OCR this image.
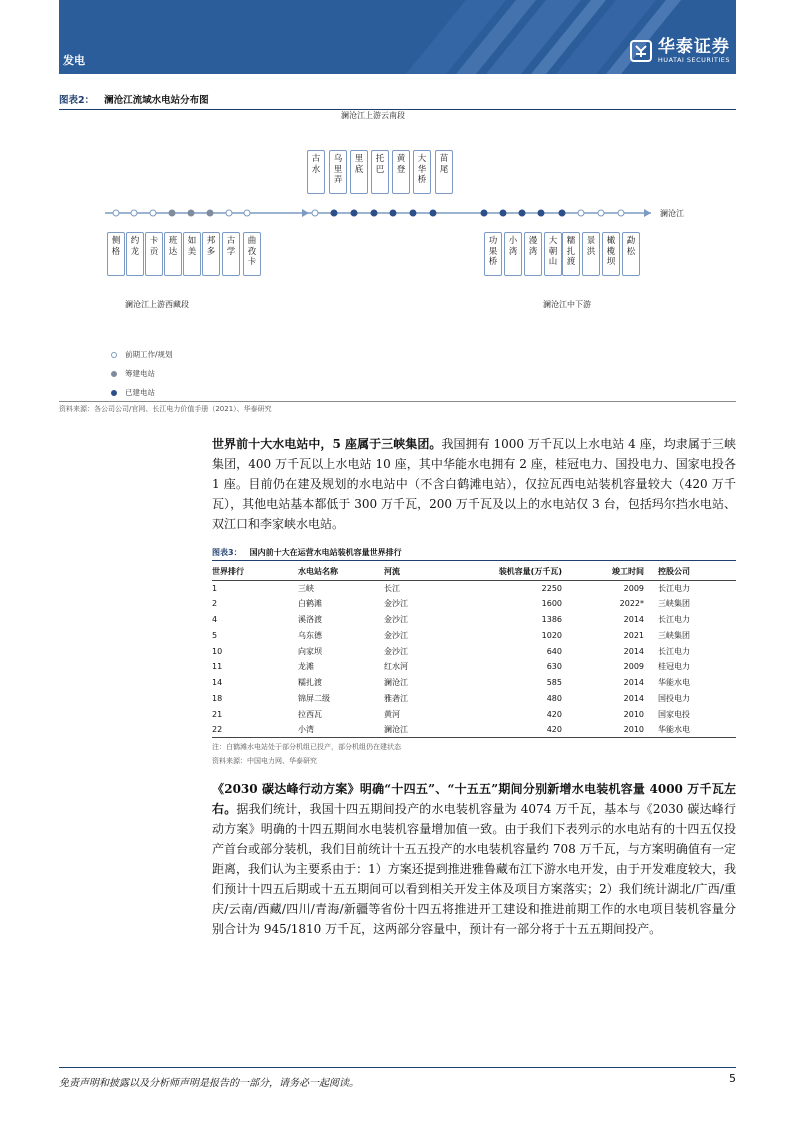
发电
华泰证券
HUATAI SECURITIES
图表2： 澜沧江流域水电站分布图
澜沧江上游云南段
澜沧江上游西藏段	澜沧江中下游
澜沧江
前期工作/规划
筹建电站
已建电站
古水
乌里弄
里底
托巴
黄登
大华桥
苗尾
侧格
约龙
卡贡
班达
如美
邦多
古学
曲孜卡
功果桥
小湾
漫湾
大朝山
糯扎渡
景洪
橄榄坝
勐松
资料来源：各公司公司/官网、长江电力价值手册（2021）、华泰研究
世界前十大水电站中，5 座属于三峡集团。我国拥有 1000 万千瓦以上水电站 4 座，均隶属于三峡集团，400 万千瓦以上水电站 10 座，其中华能水电拥有 2 座，桂冠电力、国投电力、国家电投各 1 座。目前仍在建及规划的水电站中（不含白鹤滩电站），仅拉瓦西电站装机容量较大（420 万千瓦），其他电站基本都低于 300 万千瓦，200 万千瓦及以上的水电站仅 3 台，包括玛尔挡水电站、双江口和李家峡水电站。
图表3： 国内前十大在运营水电站装机容量世界排行
世界排行	水电站名称	河流	装机容量(万千瓦)	竣工时间	控股公司
1	三峡	长江	2250	2009	长江电力
2	白鹤滩	金沙江	1600	2022*	三峡集团
4	溪洛渡	金沙江	1386	2014	长江电力
5	乌东德	金沙江	1020	2021	三峡集团
10	向家坝	金沙江	640	2014	长江电力
11	龙滩	红水河	630	2009	桂冠电力
14	糯扎渡	澜沧江	585	2014	华能水电
18	锦屏二级	雅砻江	480	2014	国投电力
21	拉西瓦	黄河	420	2010	国家电投
22	小湾	澜沧江	420	2010	华能水电
注：白鹤滩水电站处于部分机组已投产，部分机组仍在建状态
资料来源：中国电力网、华泰研究
《2030 碳达峰行动方案》明确“十四五”、“十五五”期间分别新增水电装机容量 4000 万千瓦左右。据我们统计，我国十四五期间投产的水电装机容量为 4074 万千瓦，基本与《2030 碳达峰行动方案》明确的十四五期间水电装机容量增加值一致。由于我们下表列示的水电站有的十四五仅投产首台或部分装机，我们目前统计十五五投产的水电装机容量约 708 万千瓦，与方案明确值有一定距离，我们认为主要系由于：1）方案还提到推进雅鲁藏布江下游水电开发，由于开发难度较大，我们预计十四五后期或十五五期间可以看到相关开发主体及项目方案落实；2）我们统计湖北/广西/重庆/云南/西藏/四川/青海/新疆等省份十四五将推进开工建设和推进前期工作的水电项目装机容量分别合计为 945/1810 万千瓦，这两部分容量中，预计有一部分将于十五五期间投产。
免责声明和披露以及分析师声明是报告的一部分，请务必一起阅读。	5
